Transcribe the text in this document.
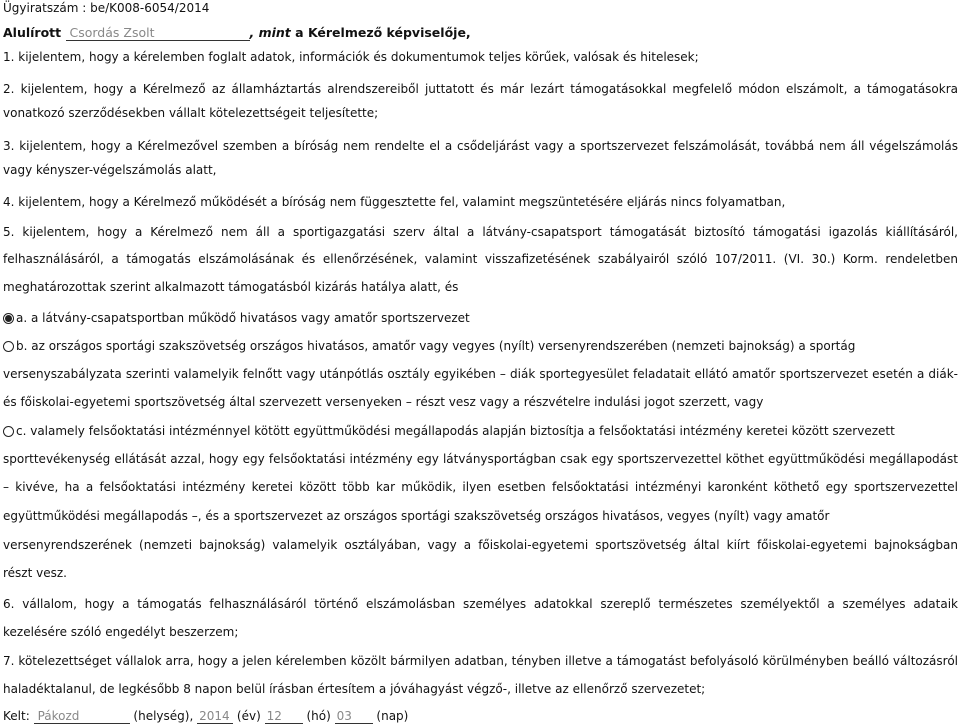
Ügyiratszám : be/K008-6054/2014
Alulírott Csordás Zsolt	, mint a Kérelmező képviselője,
1. kijelentem, hogy a kérelemben foglalt adatok, információk és dokumentumok teljes körűek, valósak és hitelesek;
2. kijelentem, hogy a Kérelmező az államháztartás alrendszereiből juttatott és már lezárt támogatásokkal megfelelő módon elszámolt, a támogatásokra
vonatkozó szerződésekben vállalt kötelezettségeit teljesítette;
3. kijelentem, hogy a Kérelmezővel szemben a bíróság nem rendelte el a csődeljárást vagy a sportszervezet felszámolását, továbbá nem áll végelszámolás
vagy kényszer-végelszámolás alatt,
4. kijelentem, hogy a Kérelmező működését a bíróság nem függesztette fel, valamint megszüntetésére eljárás nincs folyamatban,
5. kijelentem, hogy a Kérelmező nem áll a sportigazgatási szerv által a látvány-csapatsport támogatását biztosító támogatási igazolás kiállításáról,
felhasználásáról, a támogatás elszámolásának és ellenőrzésének, valamint visszafizetésének szabályairól szóló 107/2011. (VI. 30.) Korm. rendeletben
meghatározottak szerint alkalmazott támogatásból kizárás hatálya alatt, és
a. a látvány-csapatsportban működő hivatásos vagy amatőr sportszervezet
b. az országos sportági szakszövetség országos hivatásos, amatőr vagy vegyes (nyílt) versenyrendszerében (nemzeti bajnokság) a sportág
versenyszabályzata szerinti valamelyik felnőtt vagy utánpótlás osztály egyikében – diák sportegyesület feladatait ellátó amatőr sportszervezet esetén a diák-
és főiskolai-egyetemi sportszövetség által szervezett versenyeken – részt vesz vagy a részvételre indulási jogot szerzett, vagy
c. valamely felsőoktatási intézménnyel kötött együttműködési megállapodás alapján biztosítja a felsőoktatási intézmény keretei között szervezett
sporttevékenység ellátását azzal, hogy egy felsőoktatási intézmény egy látványsportágban csak egy sportszervezettel köthet együttműködési megállapodást
– kivéve, ha a felsőoktatási intézmény keretei között több kar működik, ilyen esetben felsőoktatási intézményi karonként köthető egy sportszervezettel
együttműködési megállapodás –, és a sportszervezet az országos sportági szakszövetség országos hivatásos, vegyes (nyílt) vagy amatőr
versenyrendszerének (nemzeti bajnokság) valamelyik osztályában, vagy a főiskolai-egyetemi sportszövetség által kiírt főiskolai-egyetemi bajnokságban
részt vesz.
6. vállalom, hogy a támogatás felhasználásáról történő elszámolásban személyes adatokkal szereplő természetes személyektől a személyes adataik
kezelésére szóló engedélyt beszerzem;
7. kötelezettséget vállalok arra, hogy a jelen kérelemben közölt bármilyen adatban, tényben illetve a támogatást befolyásoló körülményben beálló változásról
haladéktalanul, de legkésőbb 8 napon belül írásban értesítem a jóváhagyást végző-, illetve az ellenőrző szervezetet;
Kelt: Pákozd	(helység), 2014 (év) 12 (hó) 03 (nap)
